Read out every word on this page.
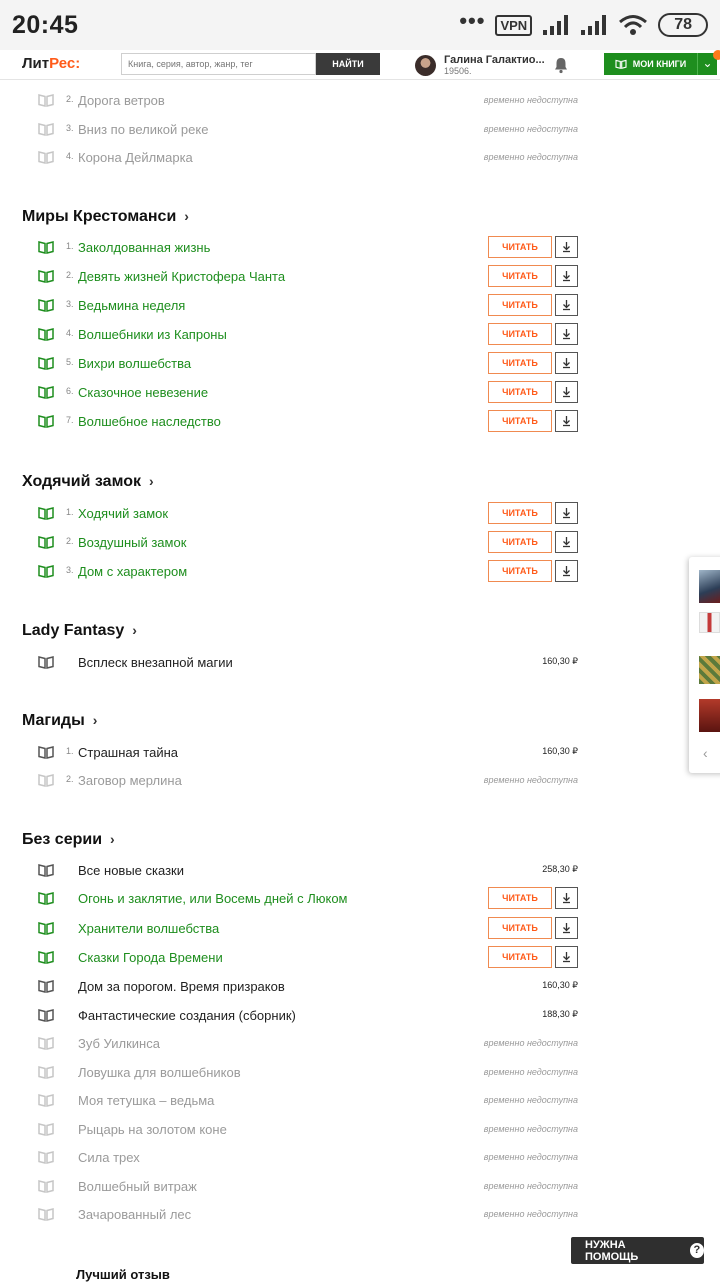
20:45	•••	VPN	78
ЛитРес:
Книга, серия, автор, жанр, тег	НАЙТИ	Галина Галактио...
19506.
МОИ КНИГИ	⌄
2. Дорога ветров	временно недоступна
3. Вниз по великой реке	временно недоступна
4. Корона Дейлмарка	временно недоступна
Миры Крестоманси ›
1. Заколдованная жизнь	ЧИТАТЬ
2. Девять жизней Кристофера Чанта	ЧИТАТЬ
3. Ведьмина неделя	ЧИТАТЬ
4. Волшебники из Капроны	ЧИТАТЬ
5. Вихри волшебства	ЧИТАТЬ
6. Сказочное невезение	ЧИТАТЬ
7. Волшебное наследство	ЧИТАТЬ
Ходячий замок ›
1. Ходячий замок	ЧИТАТЬ
2. Воздушный замок	ЧИТАТЬ
3. Дом с характером	ЧИТАТЬ
Lady Fantasy ›
Всплеск внезапной магии	160,30 ₽
Магиды ›
1. Страшная тайна	160,30 ₽
2. Заговор мерлина	временно недоступна
Без серии ›
Все новые сказки	258,30 ₽
Огонь и заклятие, или Восемь дней с Люком	ЧИТАТЬ
Хранители волшебства	ЧИТАТЬ
Сказки Города Времени	ЧИТАТЬ
Дом за порогом. Время призраков	160,30 ₽
Фантастические создания (сборник)	188,30 ₽
Зуб Уилкинса	временно недоступна
Ловушка для волшебников	временно недоступна
Моя тетушка – ведьма	временно недоступна
Рыцарь на золотом коне	временно недоступна
Сила трех	временно недоступна
Волшебный витраж	временно недоступна
Зачарованный лес	временно недоступна
‹
НУЖНА ПОМОЩЬ
?
Лучший отзыв
